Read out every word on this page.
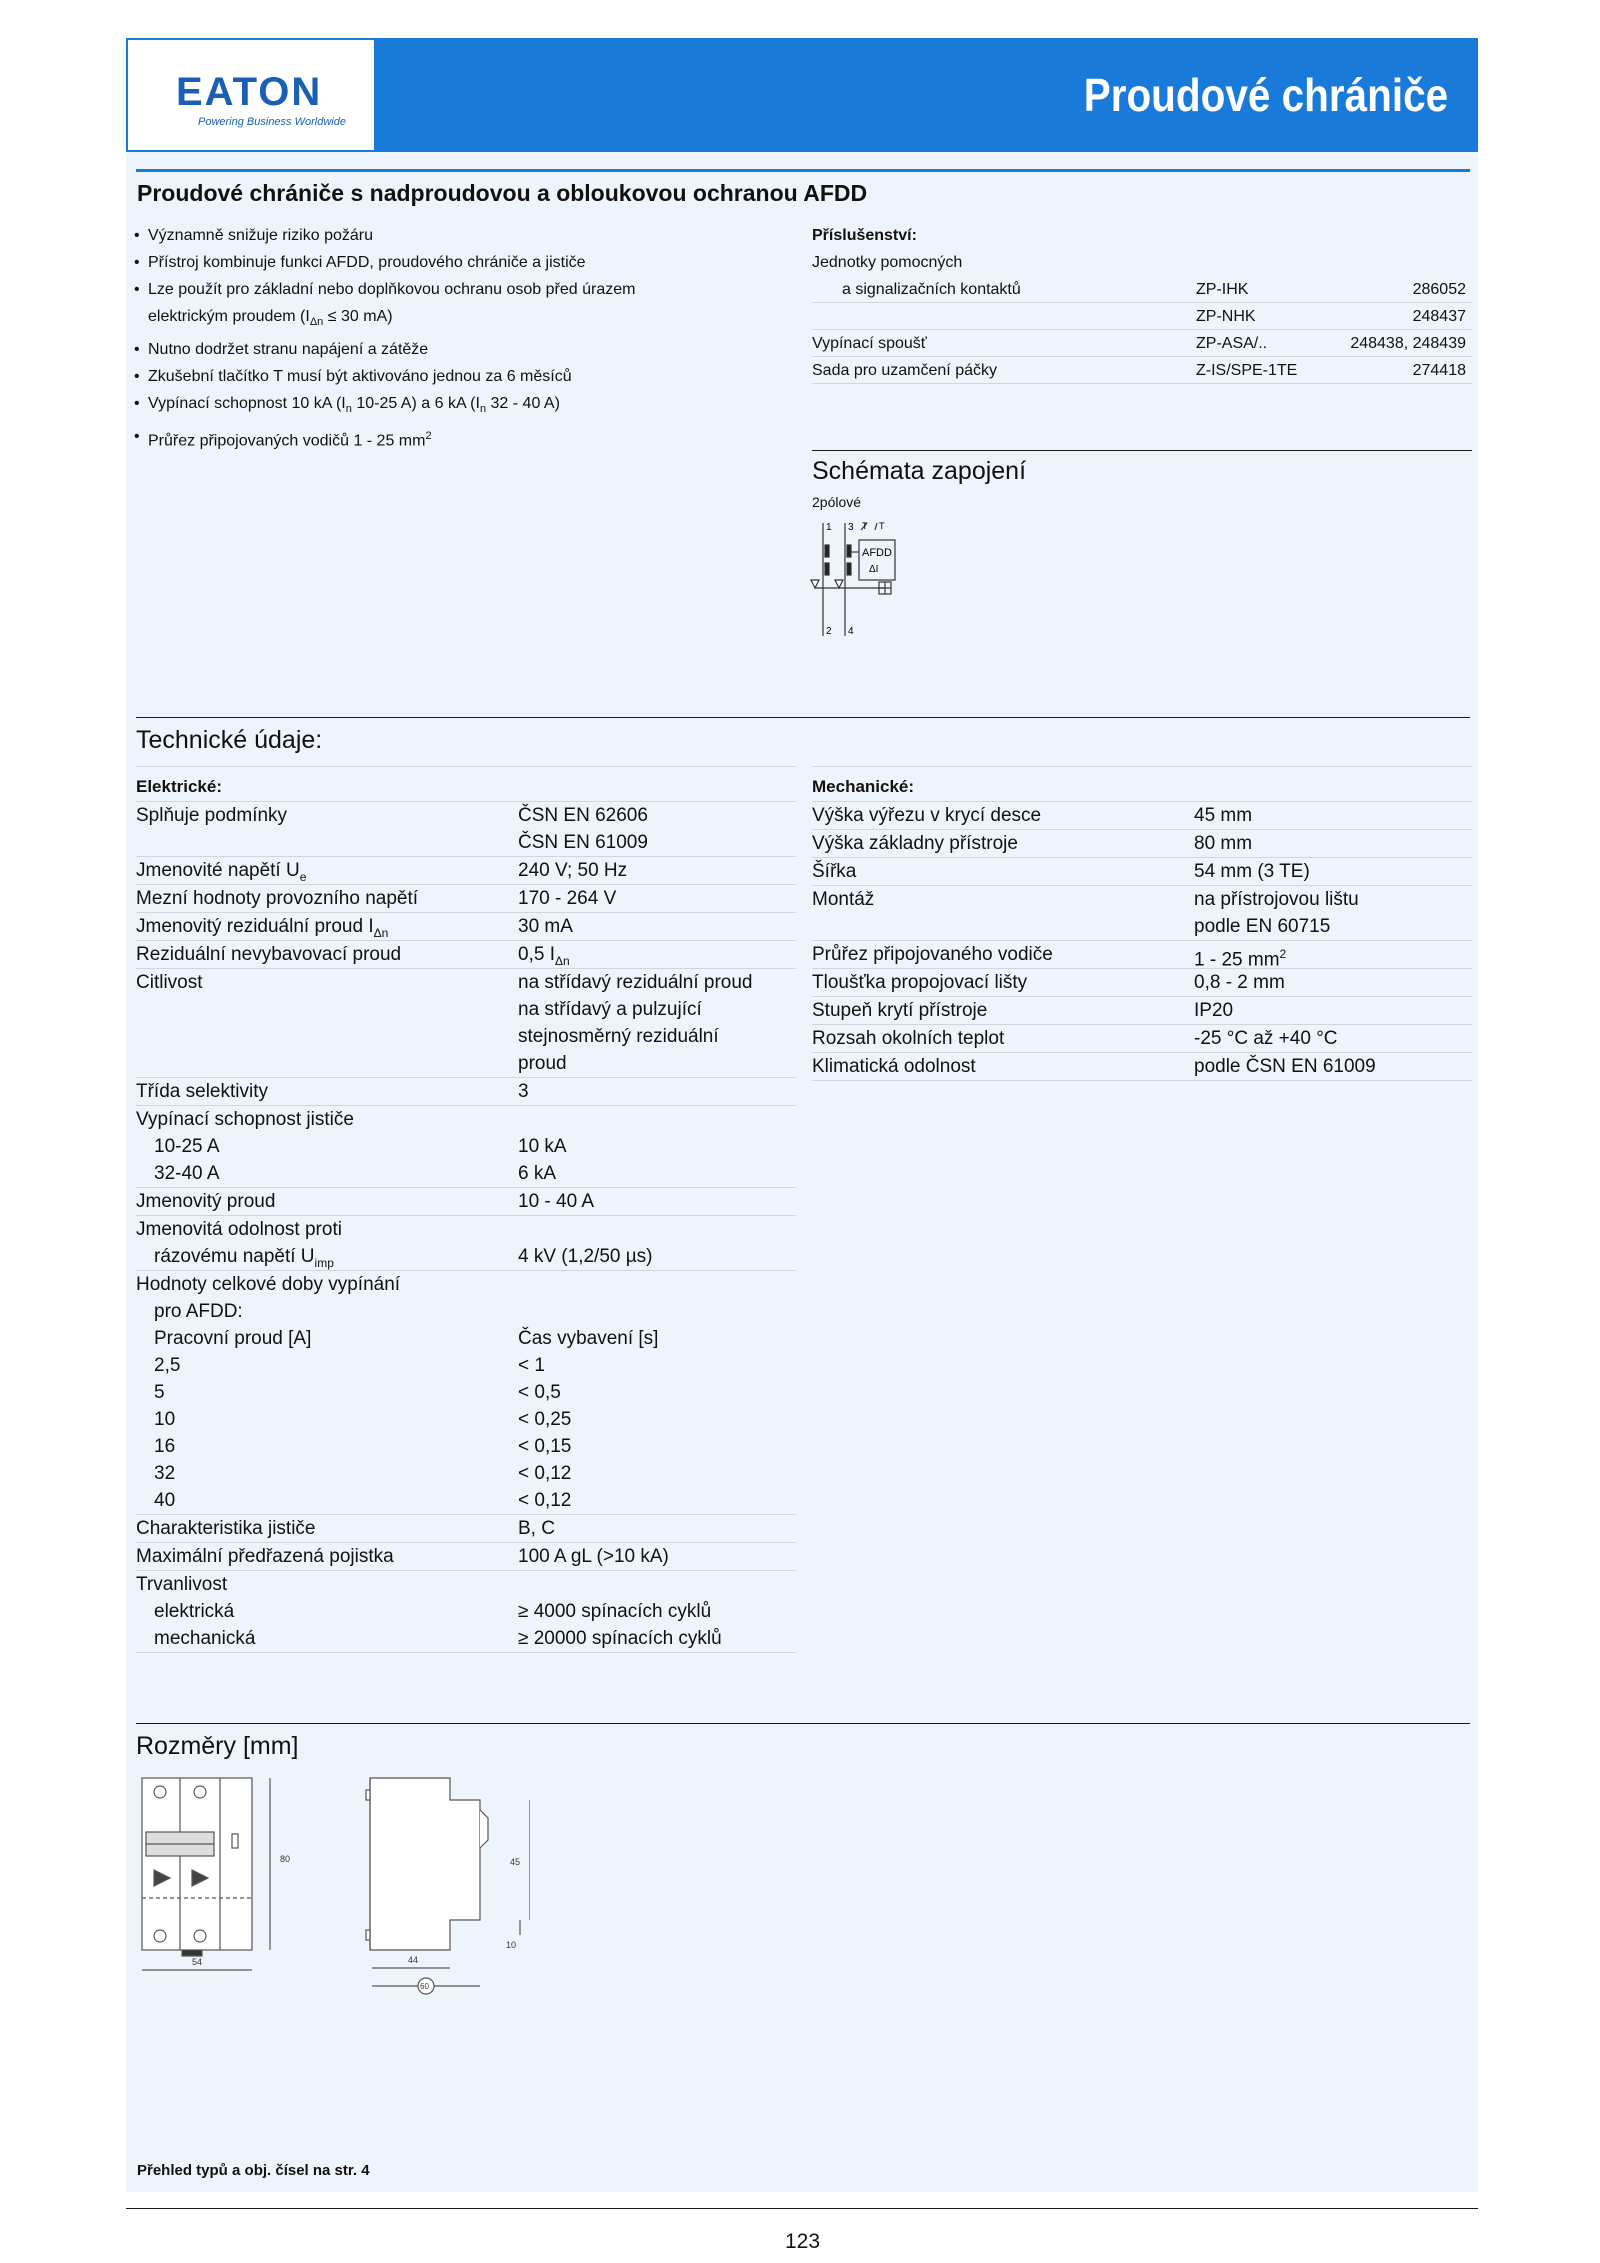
EATON
Powering Business Worldwide
Proudové chrániče
Proudové chrániče s nadproudovou a obloukovou ochranou AFDD
• Významně snižuje riziko požáru
• Přístroj kombinuje funkci AFDD, proudového chrániče a jističe
• Lze použít pro základní nebo doplňkovou ochranu osob před úrazem
elektrickým proudem ($I_{\Delta n} \le 30$ mA)
• Nutno dodržet stranu napájení a zátěže
• Zkušební tlačítko T musí být aktivováno jednou za 6 měsíců
• Vypínací schopnost 10 kA ($I_n$ 10-25 A) a 6 kA ($I_n$ 32 - 40 A)
• Průřez připojovaných vodičů 1 - 25 $mm^2$
Příslušenství:
Jednotky pomocných
a signalizačních kontaktů	ZP-IHK	286052
ZP-NHK	248437
Vypínací spoušť	ZP-ASA/..	248438, 248439
Sada pro uzamčení páčky	Z-IS/SPE-1TE	274418
Schémata zapojení
2pólové
1 3 T T
AFDD
ΔI
2 4
Technické údaje:
Elektrické:
Splňuje podmínky	ČSN EN 62606
ČSN EN 61009
Jmenovité napětí $U_e$	240 V; 50 Hz
Mezní hodnoty provozního napětí	170 - 264 V
Jmenovitý reziduální proud $I_{\Delta n}$	30 mA
Reziduální nevybavovací proud	0,5 $I_{\Delta n}$
Citlivost	na střídavý reziduální proud
na střídavý a pulzující
stejnosměrný reziduální
proud
Třída selektivity	3
Vypínací schopnost jističe
10-25 A	10 kA
32-40 A	6 kA
Jmenovitý proud	10 - 40 A
Jmenovitá odolnost proti
rázovému napětí $U_{imp}$	4 kV (1,2/50 µs)
Hodnoty celkové doby vypínání
pro AFDD:
Pracovní proud [A]	Čas vybavení [s]
2,5	< 1
5	< 0,5
10	< 0,25
16	< 0,15
32	< 0,12
40	< 0,12
Charakteristika jističe	B, C
Maximální předřazená pojistka	100 A gL (>10 kA)
Trvanlivost
elektrická	≥ 4000 spínacích cyklů
mechanická	≥ 20000 spínacích cyklů
Mechanické:
Výška výřezu v krycí desce	45 mm
Výška základny přístroje	80 mm
Šířka	54 mm (3 TE)
Montáž	na přístrojovou lištu
podle EN 60715
Průřez připojovaného vodiče	1 - 25 $mm^2$
Tloušťka propojovací lišty	0,8 - 2 mm
Stupeň krytí přístroje	IP20
Rozsah okolních teplot	-25 °C až +40 °C
Klimatická odolnost	podle ČSN EN 61009
Rozměry [mm]
80
54
45
44
60
10
Přehled typů a obj. čísel na str. 4
123
